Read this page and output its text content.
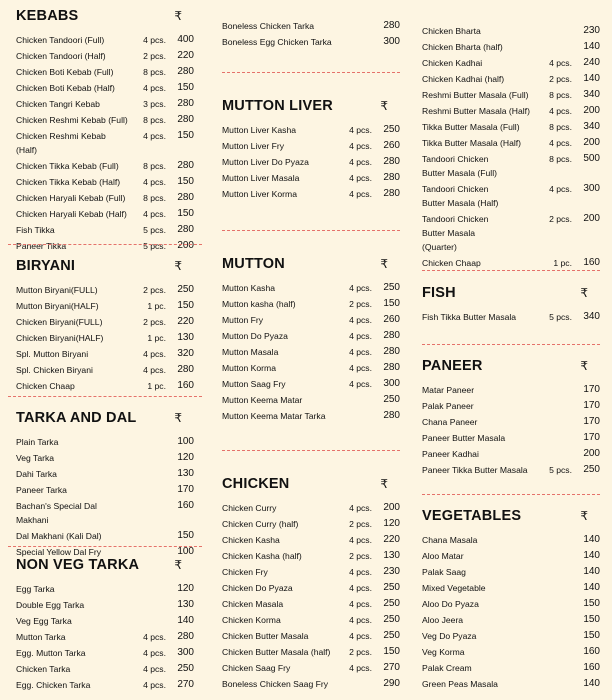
KEBABS	₹
Chicken Tandoori (Full)	4 pcs. 400
Chicken Tandoori (Half)	2 pcs. 220
Chicken Boti Kebab (Full)	8 pcs. 280
Chicken Boti Kebab (Half)	4 pcs. 150
Chicken Tangri Kebab	3 pcs. 280
Chicken Reshmi Kebab (Full)	8 pcs. 280
Chicken Reshmi Kebab (Half)
4 pcs. 150
Chicken Tikka Kebab (Full)	8 pcs. 280
Chicken Tikka Kebab (Half)	4 pcs. 150
Chicken Haryali Kebab (Full)	8 pcs. 280
Chicken Haryali Kebab (Half)	4 pcs. 150
Fish Tikka	5 pcs. 280
Paneer Tikka	5 pcs. 200
BIRYANI	₹
Mutton Biryani(FULL)	2 pcs. 250
Mutton Biryani(HALF)	1 pc. 150
Chicken Biryani(FULL)	2 pcs. 220
Chicken Biryani(HALF)	1 pc. 130
Spl. Mutton Biryani	4 pcs. 320
Spl. Chicken Biryani	4 pcs. 280
Chicken Chaap	1 pc. 160
TARKA AND DAL	₹
Plain Tarka	100
Veg Tarka	120
Dahi Tarka	130
Paneer Tarka	170
Bachan's Special Dal Makhani
160
Dal Makhani (Kali Dal)	150
Special Yellow Dal Fry	100
NON VEG TARKA	₹
Egg Tarka	120
Double Egg Tarka	130
Veg Egg Tarka	140
Mutton Tarka	4 pcs. 280
Egg. Mutton Tarka	4 pcs. 300
Chicken Tarka	4 pcs. 250
Egg. Chicken Tarka	4 pcs. 270
Boneless Chicken Tarka	280
Boneless Egg Chicken Tarka	300
MUTTON LIVER	₹
Mutton Liver Kasha	4 pcs. 250
Mutton Liver Fry	4 pcs. 260
Mutton Liver Do Pyaza	4 pcs. 280
Mutton Liver Masala	4 pcs. 280
Mutton Liver Korma	4 pcs. 280
MUTTON	₹
Mutton Kasha	4 pcs. 250
Mutton kasha (half)	2 pcs. 150
Mutton Fry	4 pcs. 260
Mutton Do Pyaza	4 pcs. 280
Mutton Masala	4 pcs. 280
Mutton Korma	4 pcs. 280
Mutton Saag Fry	4 pcs. 300
Mutton Keema Matar	250
Mutton Keema Matar Tarka	280
CHICKEN	₹
Chicken Curry	4 pcs. 200
Chicken Curry (half)	2 pcs. 120
Chicken Kasha	4 pcs. 220
Chicken Kasha (half)	2 pcs. 130
Chicken Fry	4 pcs. 230
Chicken Do Pyaza	4 pcs. 250
Chicken Masala	4 pcs. 250
Chicken Korma	4 pcs. 250
Chicken Butter Masala	4 pcs. 250
Chicken Butter Masala (half)	2 pcs. 150
Chicken Saag Fry	4 pcs. 270
Boneless Chicken Saag Fry	290
Chicken Bharta	230
Chicken Bharta (half)	140
Chicken Kadhai	4 pcs. 240
Chicken Kadhai (half)	2 pcs. 140
Reshmi Butter Masala (Full)	8 pcs. 340
Reshmi Butter Masala (Half)	4 pcs. 200
Tikka Butter Masala (Full)	8 pcs. 340
Tikka Butter Masala (Half)	4 pcs. 200
Tandoori Chicken Butter Masala (Full)
8 pcs. 500
Tandoori Chicken Butter Masala (Half)
4 pcs. 300
Tandoori Chicken Butter Masala (Quarter)
2 pcs. 200
Chicken Chaap	1 pc. 160
FISH	₹
Fish Tikka Butter Masala	5 pcs. 340
PANEER	₹
Matar Paneer	170
Palak Paneer	170
Chana Paneer	170
Paneer Butter Masala	170
Paneer Kadhai	200
Paneer Tikka Butter Masala	5 pcs. 250
VEGETABLES	₹
Chana Masala	140
Aloo Matar	140
Palak Saag	140
Mixed Vegetable	140
Aloo Do Pyaza	150
Aloo Jeera	150
Veg Do Pyaza	150
Veg Korma	160
Palak Cream	160
Green Peas Masala	140
